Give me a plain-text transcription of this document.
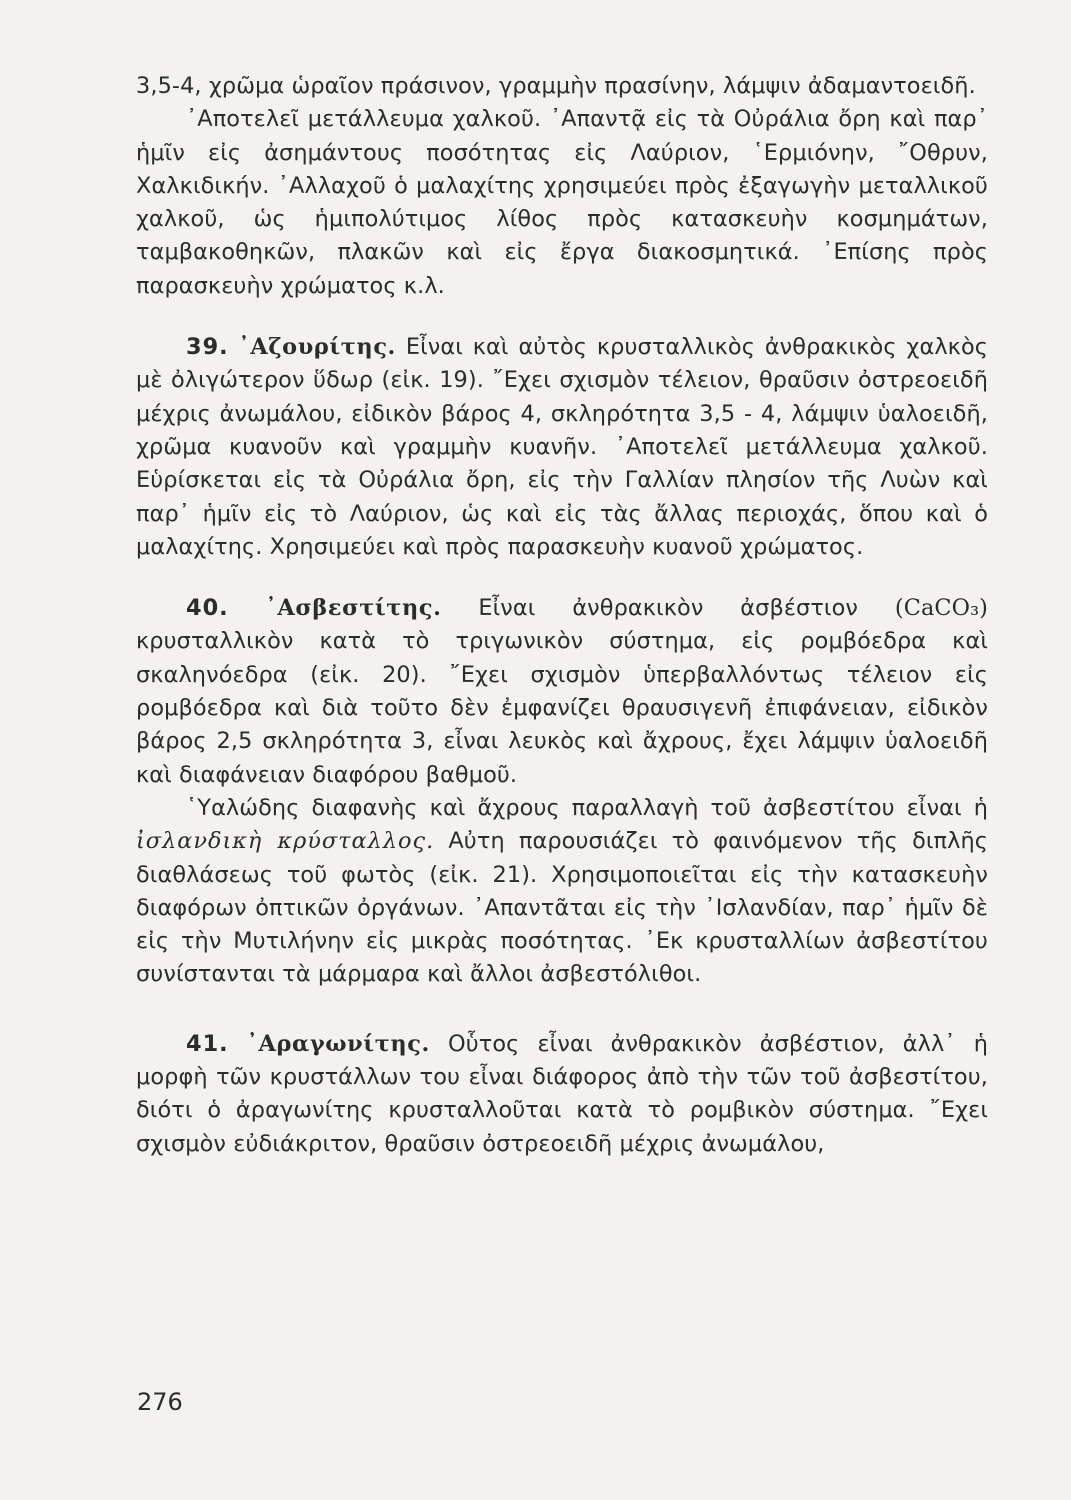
3,5-4, χρῶμα ὡραῖον πράσινον, γραμμὴν πρασίνην, λάμψιν ἀδαμαντοειδῆ.

᾿Αποτελεῖ μετάλλευμα χαλκοῦ. ᾿Απαντᾷ εἰς τὰ Οὐράλια ὄρη καὶ παρ᾿ ἡμῖν εἰς ἀσημάντους ποσότητας εἰς Λαύριον, ῾Ερμιόνην, ῎Οθρυν, Χαλκιδικήν. ᾿Αλλαχοῦ ὁ μαλαχίτης χρησιμεύει πρὸς ἐξαγωγὴν μεταλλικοῦ χαλκοῦ, ὡς ἡμιπολύτιμος λίθος πρὸς κατασκευὴν κοσμημάτων, ταμβακοθηκῶν, πλακῶν καὶ εἰς ἔργα διακοσμητικά. ᾿Επίσης πρὸς παρασκευὴν χρώματος κ.λ.

39. ᾿Αζουρίτης. Εἶναι καὶ αὐτὸς κρυσταλλικὸς ἀνθρακικὸς χαλκὸς μὲ ὀλιγώτερον ὕδωρ (εἰκ. 19). ῎Εχει σχισμὸν τέλειον, θραῦσιν ὀστρεοειδῆ μέχρις ἀνωμάλου, εἰδικὸν βάρος 4, σκληρότητα 3,5 - 4, λάμψιν ὑαλοειδῆ, χρῶμα κυανοῦν καὶ γραμμὴν κυανῆν. ᾿Αποτελεῖ μετάλλευμα χαλκοῦ. Εὑρίσκεται εἰς τὰ Οὐράλια ὄρη, εἰς τὴν Γαλλίαν πλησίον τῆς Λυὼν καὶ παρ᾿ ἡμῖν εἰς τὸ Λαύριον, ὡς καὶ εἰς τὰς ἄλλας περιοχάς, ὅπου καὶ ὁ μαλαχίτης. Χρησιμεύει καὶ πρὸς παρασκευὴν κυανοῦ χρώματος.

40. ᾿Ασβεστίτης. Εἶναι ἀνθρακικὸν ἀσβέστιον (CaCO₃) κρυσταλλικὸν κατὰ τὸ τριγωνικὸν σύστημα, εἰς ρομβόεδρα καὶ σκαληνόεδρα (εἰκ. 20). ῎Εχει σχισμὸν ὑπερβαλλόντως τέλειον εἰς ρομβόεδρα καὶ διὰ τοῦτο δὲν ἐμφανίζει θραυσιγενῆ ἐπιφάνειαν, εἰδικὸν βάρος 2,5 σκληρότητα 3, εἶναι λευκὸς καὶ ἄχρους, ἔχει λάμψιν ὑαλοειδῆ καὶ διαφάνειαν διαφόρου βαθμοῦ.

῾Υαλώδης διαφανὴς καὶ ἄχρους παραλλαγὴ τοῦ ἀσβεστίτου εἶναι ἡ ἰσλανδικὴ κρύσταλλος. Αὐτη παρουσιάζει τὸ φαινόμενον τῆς διπλῆς διαθλάσεως τοῦ φωτὸς (εἰκ. 21). Χρησιμοποιεῖται εἰς τὴν κατασκευὴν διαφόρων ὀπτικῶν ὀργάνων. ᾿Απαντᾶται εἰς τὴν ᾿Ισλανδίαν, παρ᾿ ἡμῖν δὲ εἰς τὴν Μυτιλήνην εἰς μικρὰς ποσότητας. ᾿Εκ κρυσταλλίων ἀσβεστίτου συνίστανται τὰ μάρμαρα καὶ ἄλλοι ἀσβεστόλιθοι.

41. ᾿Αραγωνίτης. Οὗτος εἶναι ἀνθρακικὸν ἀσβέστιον, ἀλλ᾿ ἡ μορφὴ τῶν κρυστάλλων του εἶναι διάφορος ἀπὸ τὴν τῶν τοῦ ἀσβεστίτου, διότι ὁ ἀραγωνίτης κρυσταλλοῦται κατὰ τὸ ρομβικὸν σύστημα. ῎Εχει σχισμὸν εὐδιάκριτον, θραῦσιν ὀστρεοειδῆ μέχρις ἀνωμάλου,

276
